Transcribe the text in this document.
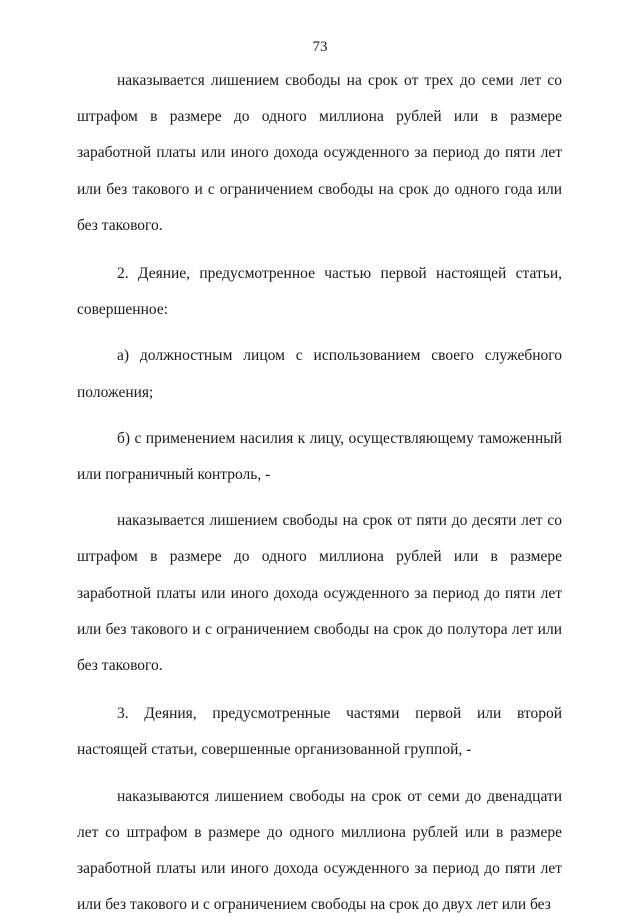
73

наказывается лишением свободы на срок от трех до семи лет со штрафом в размере до одного миллиона рублей или в размере заработной платы или иного дохода осужденного за период до пяти лет или без такового и с ограничением свободы на срок до одного года или без такового.

2. Деяние, предусмотренное частью первой настоящей статьи, совершенное:

а) должностным лицом с использованием своего служебного положения;

б) с применением насилия к лицу, осуществляющему таможенный или пограничный контроль, -

наказывается лишением свободы на срок от пяти до десяти лет со штрафом в размере до одного миллиона рублей или в размере заработной платы или иного дохода осужденного за период до пяти лет или без такового и с ограничением свободы на срок до полутора лет или без такового.

3. Деяния, предусмотренные частями первой или второй настоящей статьи, совершенные организованной группой, -

наказываются лишением свободы на срок от семи до двенадцати лет со штрафом в размере до одного миллиона рублей или в размере заработной платы или иного дохода осужденного за период до пяти лет или без такового и с ограничением свободы на срок до двух лет или без
